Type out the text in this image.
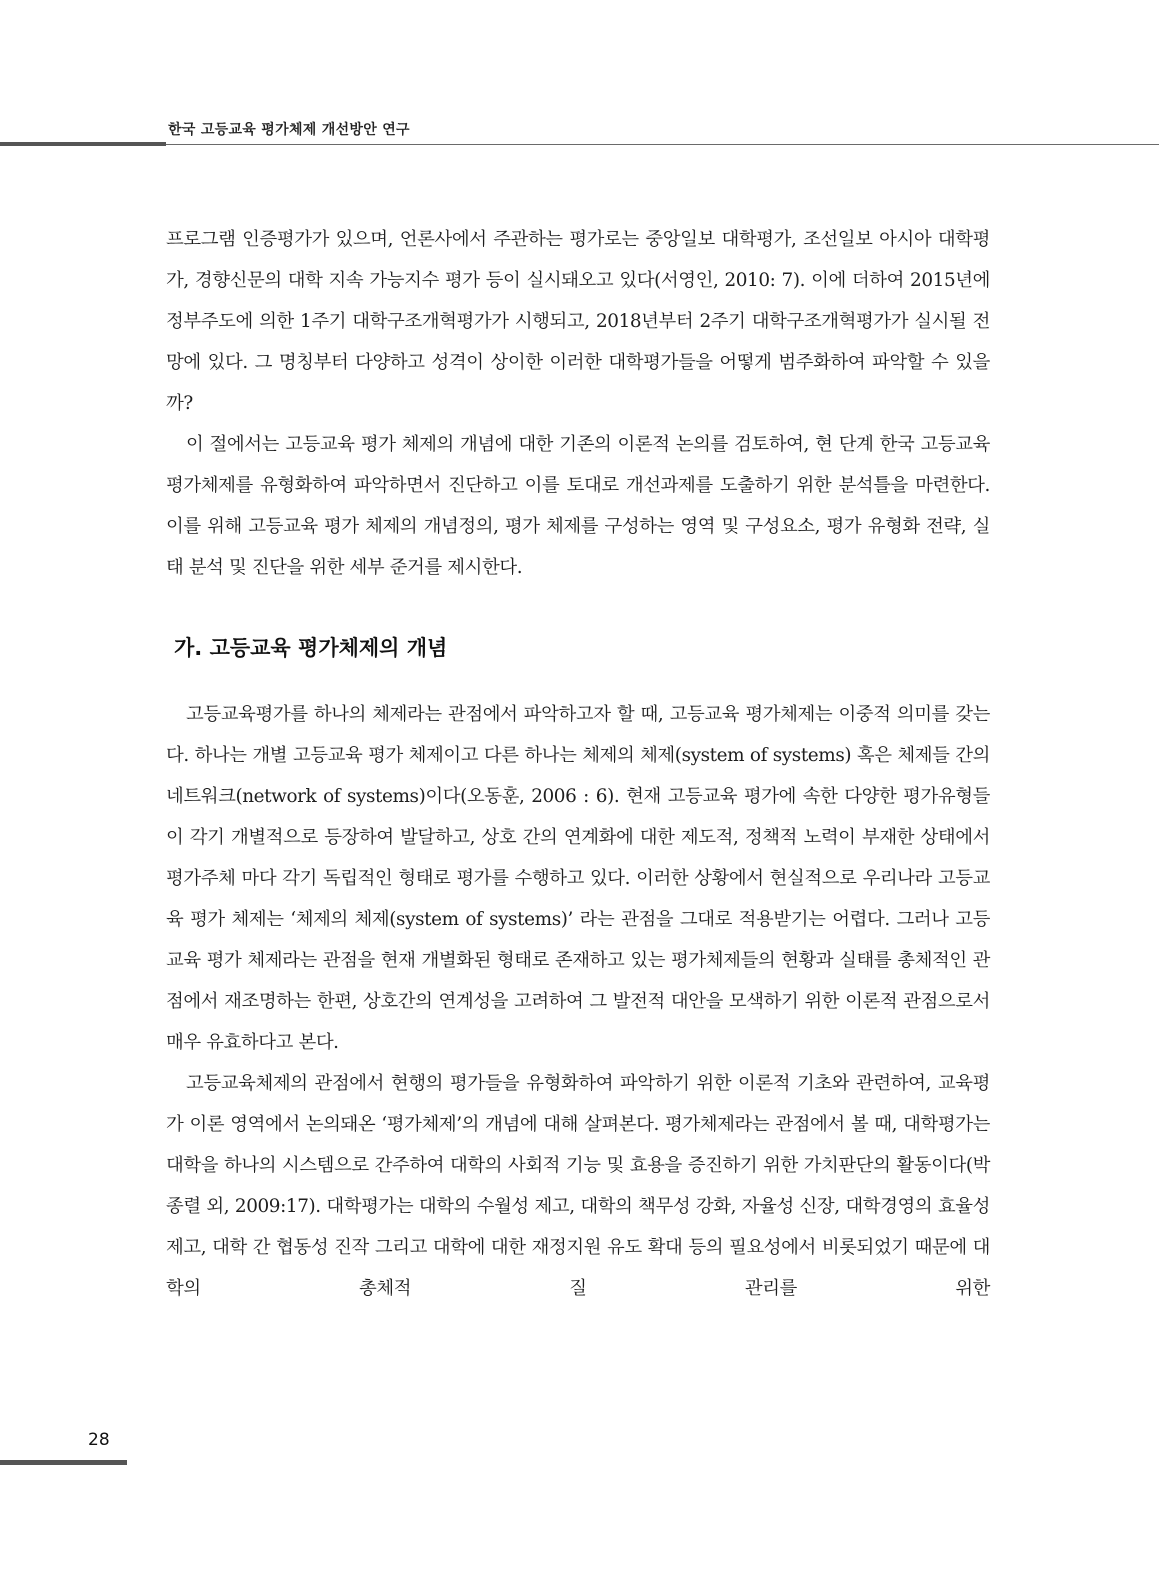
한국 고등교육 평가체제 개선방안 연구

프로그램 인증평가가 있으며, 언론사에서 주관하는 평가로는 중앙일보 대학평가, 조선일보 아시아 대학평가, 경향신문의 대학 지속 가능지수 평가 등이 실시돼오고 있다(서영인, 2010: 7). 이에 더하여 2015년에 정부주도에 의한 1주기 대학구조개혁평가가 시행되고, 2018년부터 2주기 대학구조개혁평가가 실시될 전망에 있다. 그 명칭부터 다양하고 성격이 상이한 이러한 대학평가들을 어떻게 범주화하여 파악할 수 있을까?

이 절에서는 고등교육 평가 체제의 개념에 대한 기존의 이론적 논의를 검토하여, 현 단계 한국 고등교육 평가체제를 유형화하여 파악하면서 진단하고 이를 토대로 개선과제를 도출하기 위한 분석틀을 마련한다. 이를 위해 고등교육 평가 체제의 개념정의, 평가 체제를 구성하는 영역 및 구성요소, 평가 유형화 전략, 실태 분석 및 진단을 위한 세부 준거를 제시한다.

가. 고등교육 평가체제의 개념

고등교육평가를 하나의 체제라는 관점에서 파악하고자 할 때, 고등교육 평가체제는 이중적 의미를 갖는다. 하나는 개별 고등교육 평가 체제이고 다른 하나는 체제의 체제(system of systems) 혹은 체제들 간의 네트워크(network of systems)이다(오동훈, 2006 : 6). 현재 고등교육 평가에 속한 다양한 평가유형들이 각기 개별적으로 등장하여 발달하고, 상호 간의 연계화에 대한 제도적, 정책적 노력이 부재한 상태에서 평가주체 마다 각기 독립적인 형태로 평가를 수행하고 있다. 이러한 상황에서 현실적으로 우리나라 고등교육 평가 체제는 ‘체제의 체제(system of systems)’ 라는 관점을 그대로 적용받기는 어렵다. 그러나 고등교육 평가 체제라는 관점을 현재 개별화된 형태로 존재하고 있는 평가체제들의 현황과 실태를 총체적인 관점에서 재조명하는 한편, 상호간의 연계성을 고려하여 그 발전적 대안을 모색하기 위한 이론적 관점으로서 매우 유효하다고 본다.

고등교육체제의 관점에서 현행의 평가들을 유형화하여 파악하기 위한 이론적 기초와 관련하여, 교육평가 이론 영역에서 논의돼온 ‘평가체제’의 개념에 대해 살펴본다. 평가체제라는 관점에서 볼 때, 대학평가는 대학을 하나의 시스템으로 간주하여 대학의 사회적 기능 및 효용을 증진하기 위한 가치판단의 활동이다(박종렬 외, 2009:17). 대학평가는 대학의 수월성 제고, 대학의 책무성 강화, 자율성 신장, 대학경영의 효율성 제고, 대학 간 협동성 진작 그리고 대학에 대한 재정지원 유도 확대 등의 필요성에서 비롯되었기 때문에 대학의 총체적 질 관리를 위한

28
